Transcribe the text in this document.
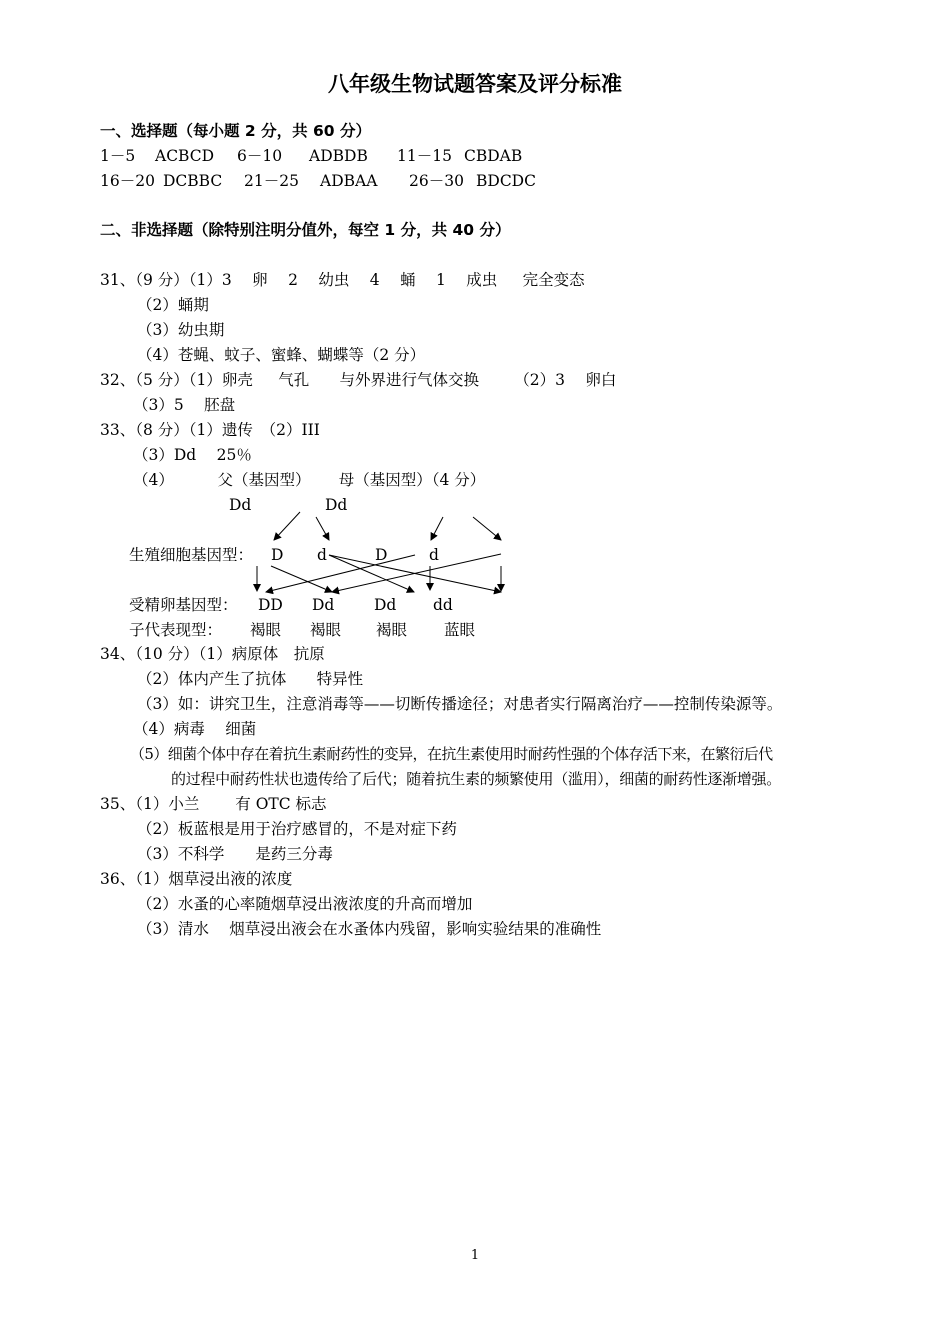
八年级生物试题答案及评分标准
一、选择题（每小题 2 分，共 60 分）
1－5 ACBCD 6－10 ADBDB 11－15 CBDAB
16－20 DCBBC 21－25 ADBAA 26－30 BDCDC
二、非选择题（除特别注明分值外，每空 1 分，共 40 分）
31、（9 分）（1）3　 卵　 2　 幼虫　 4　 蛹　 1　 成虫　  完全变态
（2）蛹期
（3）幼虫期
（4）苍蝇、蚊子、蜜蜂、蝴蝶等（2 分）
32、（5 分）（1）卵壳　  气孔　   与外界进行气体交换　    （2）3　 卵白
（3）5　 胚盘
33、（8 分）（1）遗传　（2）III
（3）Dd　 25％
（4）　　　 父（基因型）　　 母（基因型）（4 分）
Dd	Dd
生殖细胞基因型： D d	D	d
受精卵基因型： DD Dd	Dd dd
子代表现型： 褐眼 褐眼 褐眼 蓝眼
34、（10 分）（1）病原体　抗原
（2）体内产生了抗体　   特异性
（3）如：讲究卫生，注意消毒等——切断传播途径；对患者实行隔离治疗——控制传染源等。
（4）病毒　 细菌
（5）细菌个体中存在着抗生素耐药性的变异，在抗生素使用时耐药性强的个体存活下来，在繁衍后代
的过程中耐药性状也遗传给了后代；随着抗生素的频繁使用（滥用），细菌的耐药性逐渐增强。
35、（1）小兰　　 有 OTC 标志
（2）板蓝根是用于治疗感冒的，不是对症下药
（3）不科学　　是药三分毒
36、（1）烟草浸出液的浓度
（2）水蚤的心率随烟草浸出液浓度的升高而增加
（3）清水　 烟草浸出液会在水蚤体内残留，影响实验结果的准确性
1
